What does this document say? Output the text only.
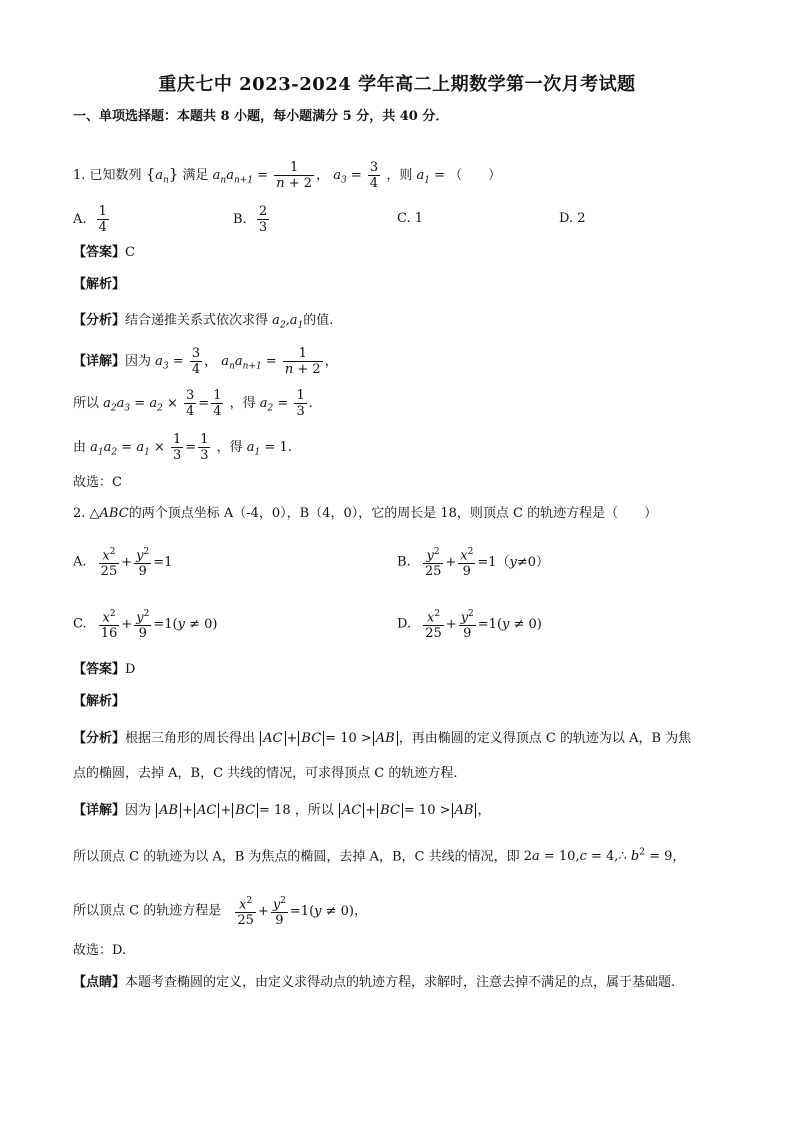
重庆七中 2023-2024 学年高二上期数学第一次月考试题
一、单项选择题：本题共 8 小题，每小题满分 5 分，共 40 分．
1. 已知数列 $\{a_n\}$ 满足 $a_na_{n+1} = \frac{1}{n + 2}$ ， $a_3 = \frac{3}{4}$ ，则 $a_1$ = （　　）
A. $\frac{1}{4}$	B. $\frac{2}{3}$	C. 1	D. 2
【答案】C
【解析】
【分析】结合递推关系式依次求得 $a_2,a_1$的值.
【详解】因为 $a_3 = \frac{3}{4}$ ， $a_na_{n+1} = \frac{1}{n + 2}$ ，
所以 $a_2a_3 = a_2 \times \frac{3}{4} = \frac{1}{4}$ ，得 $a_2 = \frac{1}{3}$ .
由 $a_1a_2 = a_1 \times \frac{1}{3} = \frac{1}{3}$ ，得 $a_1 = 1$.
故选：C
2. △ABC的两个顶点坐标 A（-4，0），B（4，0），它的周长是 18，则顶点 C 的轨迹方程是（　　）
A. $\frac{x^2}{25} + \frac{y^2}{9} =1$	B. $\frac{y^2}{25} + \frac{x^2}{9} =1(y\ne 0)$
C. $\frac{x^2}{16} + \frac{y^2}{9} =1(y \ne 0)$	D. $\frac{x^2}{25} + \frac{y^2}{9} =1(y \ne 0)$
【答案】D
【解析】
【分析】根据三角形的周长得出 AC + BC = 10 > AB ，再由椭圆的定义得顶点 C 的轨迹为以 A，B 为焦
点的椭圆，去掉 A，B，C 共线的情况，可求得顶点 C 的轨迹方程.
【详解】因为 AB + AC + BC = 18 ，所以 AC + BC = 10 > AB ，
所以顶点 C 的轨迹为以 A，B 为焦点的椭圆，去掉 A，B，C 共线的情况，即 2a = 10,c = 4,∴ $b^2 = 9$，
所以顶点 C 的轨迹方程是 $\frac{x^2}{25} + \frac{y^2}{9} =1(y \ne 0)$，
故选：D.
【点睛】本题考查椭圆的定义，由定义求得动点的轨迹方程，求解时，注意去掉不满足的点，属于基础题.
